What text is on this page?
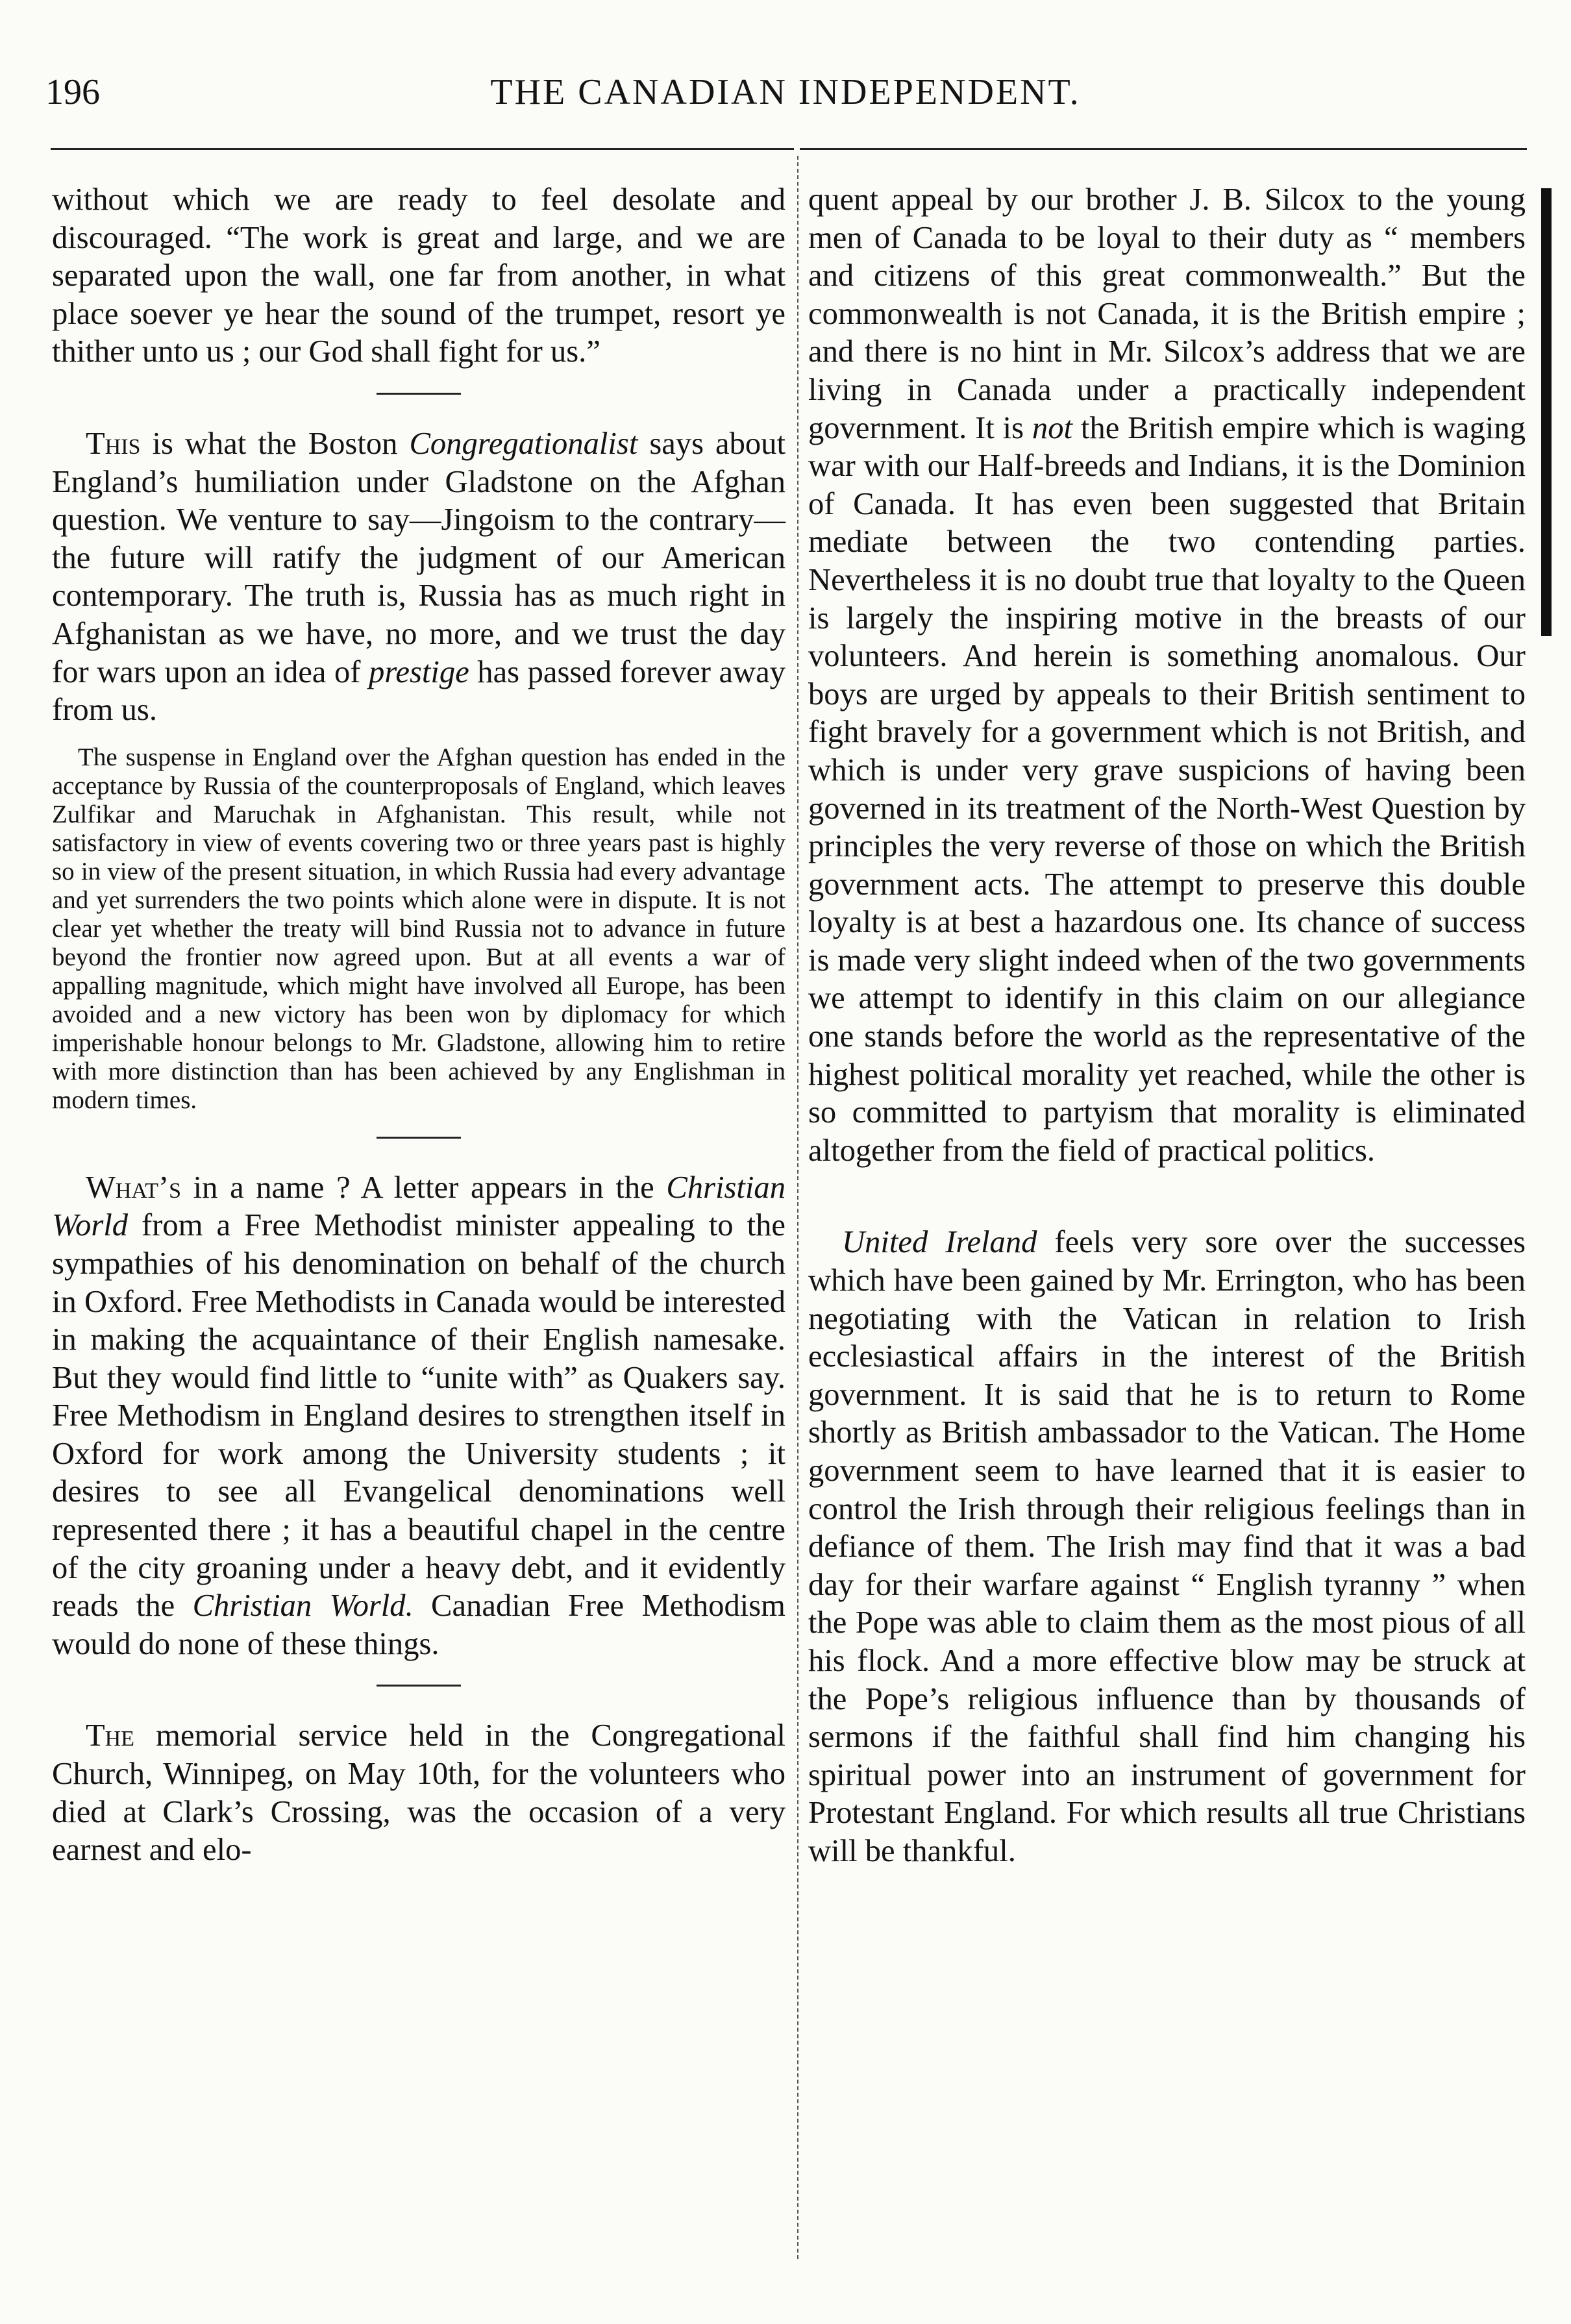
196	THE CANADIAN INDEPENDENT.

without which we are ready to feel desolate and discouraged. “The work is great and large, and we are separated upon the wall, one far from another, in what place soever ye hear the sound of the trumpet, resort ye thither unto us ; our God shall fight for us.”

This is what the Boston Congregationalist says about England’s humiliation under Gladstone on the Afghan question. We venture to say—Jingoism to the contrary—the future will ratify the judgment of our American contemporary. The truth is, Russia has as much right in Afghanistan as we have, no more, and we trust the day for wars upon an idea of prestige has passed forever away from us.

The suspense in England over the Afghan question has ended in the acceptance by Russia of the counterproposals of England, which leaves Zulfikar and Maruchak in Afghanistan. This result, while not satisfactory in view of events covering two or three years past is highly so in view of the present situation, in which Russia had every advantage and yet surrenders the two points which alone were in dispute. It is not clear yet whether the treaty will bind Russia not to advance in future beyond the frontier now agreed upon. But at all events a war of appalling magnitude, which might have involved all Europe, has been avoided and a new victory has been won by diplomacy for which imperishable honour belongs to Mr. Gladstone, allowing him to retire with more distinction than has been achieved by any Englishman in modern times.

What’s in a name ? A letter appears in the Christian World from a Free Methodist minister appealing to the sympathies of his denomination on behalf of the church in Oxford. Free Methodists in Canada would be interested in making the acquaintance of their English namesake. But they would find little to “unite with” as Quakers say. Free Methodism in England desires to strengthen itself in Oxford for work among the University students ; it desires to see all Evangelical denominations well represented there ; it has a beautiful chapel in the centre of the city groaning under a heavy debt, and it evidently reads the Christian World. Canadian Free Methodism would do none of these things.

The memorial service held in the Congregational Church, Winnipeg, on May 10th, for the volunteers who died at Clark’s Crossing, was the occasion of a very earnest and elo-

quent appeal by our brother J. B. Silcox to the young men of Canada to be loyal to their duty as “ members and citizens of this great commonwealth.” But the commonwealth is not Canada, it is the British empire ; and there is no hint in Mr. Silcox’s address that we are living in Canada under a practically independent government. It is not the British empire which is waging war with our Half-breeds and Indians, it is the Dominion of Canada. It has even been suggested that Britain mediate between the two contending parties. Nevertheless it is no doubt true that loyalty to the Queen is largely the inspiring motive in the breasts of our volunteers. And herein is something anomalous. Our boys are urged by appeals to their British sentiment to fight bravely for a government which is not British, and which is under very grave suspicions of having been governed in its treatment of the North-West Question by principles the very reverse of those on which the British government acts. The attempt to preserve this double loyalty is at best a hazardous one. Its chance of success is made very slight indeed when of the two governments we attempt to identify in this claim on our allegiance one stands before the world as the representative of the highest political morality yet reached, while the other is so committed to partyism that morality is eliminated altogether from the field of practical politics.

United Ireland feels very sore over the successes which have been gained by Mr. Errington, who has been negotiating with the Vatican in relation to Irish ecclesiastical affairs in the interest of the British government. It is said that he is to return to Rome shortly as British ambassador to the Vatican. The Home government seem to have learned that it is easier to control the Irish through their religious feelings than in defiance of them. The Irish may find that it was a bad day for their warfare against “ English tyranny ” when the Pope was able to claim them as the most pious of all his flock. And a more effective blow may be struck at the Pope’s religious influence than by thousands of sermons if the faithful shall find him changing his spiritual power into an instrument of government for Protestant England. For which results all true Christians will be thankful.
